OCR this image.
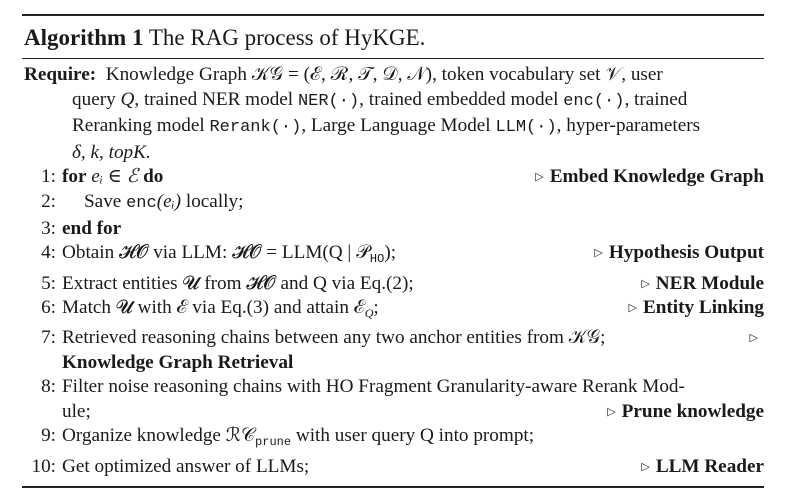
Algorithm 1 The RAG process of HyKGE.
Require: Knowledge Graph 𝒦𝒢 = (ℰ, ℛ, 𝒯, 𝒟, 𝒩), token vocabulary set 𝒱, user
query Q, trained NER model NER(·), trained embedded model enc(·), trained
Reranking model Rerank(·), Large Language Model LLM(·), hyper-parameters
δ, k, topK.
1: for eᵢ ∈ ℰ do	▷ Embed Knowledge Graph
2:	Save enc(eᵢ) locally;
3: end for
4: Obtain 𝓗𝓞 via LLM: 𝓗𝓞 = LLM(Q | 𝒫$_{HO}$);	▷ Hypothesis Output
5: Extract entities 𝓤 from 𝓗𝓞 and Q via Eq.(2);	▷ NER Module
6: Match 𝓤 with ℰ via Eq.(3) and attain ℰ$_Q$;	▷ Entity Linking
7: Retrieved reasoning chains between any two anchor entities from 𝒦𝒢;	▷
Knowledge Graph Retrieval
8: Filter noise reasoning chains with HO Fragment Granularity-aware Rerank Mod-
ule;	▷ Prune knowledge
9: Organize knowledge ℛ𝒞$_{prune}$ with user query Q into prompt;
10: Get optimized answer of LLMs;	▷ LLM Reader
